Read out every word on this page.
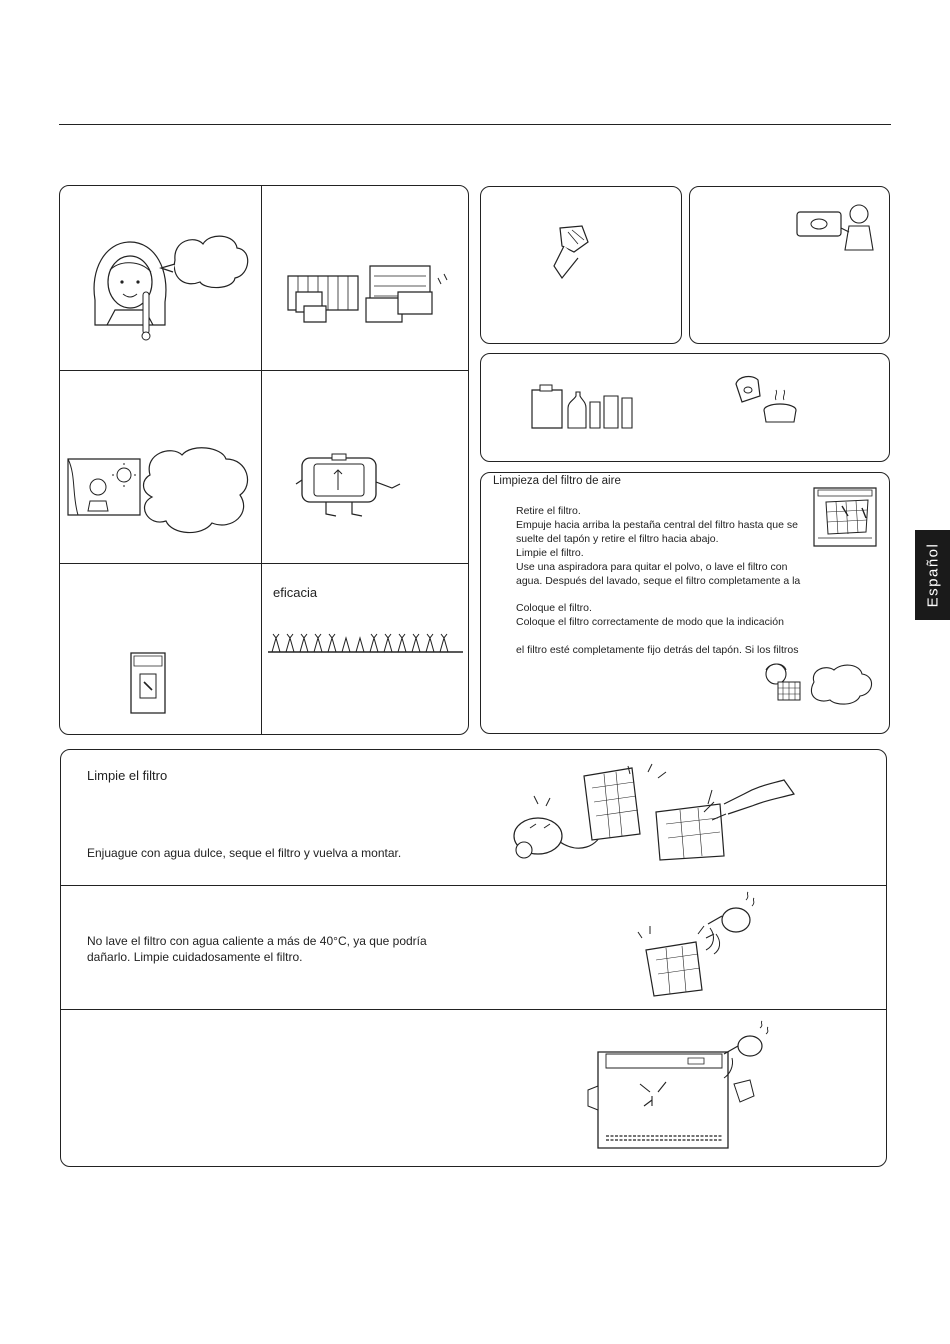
eficacia
Limpieza del filtro de aire
Retire el filtro.
Empuje hacia arriba la pestaña central del filtro hasta que se
suelte del tapón y retire el filtro hacia abajo.
Limpie el filtro.
Use una aspiradora para quitar el polvo, o lave el filtro con
agua. Después del lavado, seque el filtro completamente a la
Coloque el filtro.
Coloque el filtro correctamente de modo que la indicación
el filtro esté completamente fijo detrás del tapón. Si los filtros
Español
Limpie el filtro
Enjuague con agua dulce, seque el filtro y vuelva a montar.
No lave el filtro con agua caliente a más de 40°C, ya que podría
dañarlo. Limpie cuidadosamente el filtro.
